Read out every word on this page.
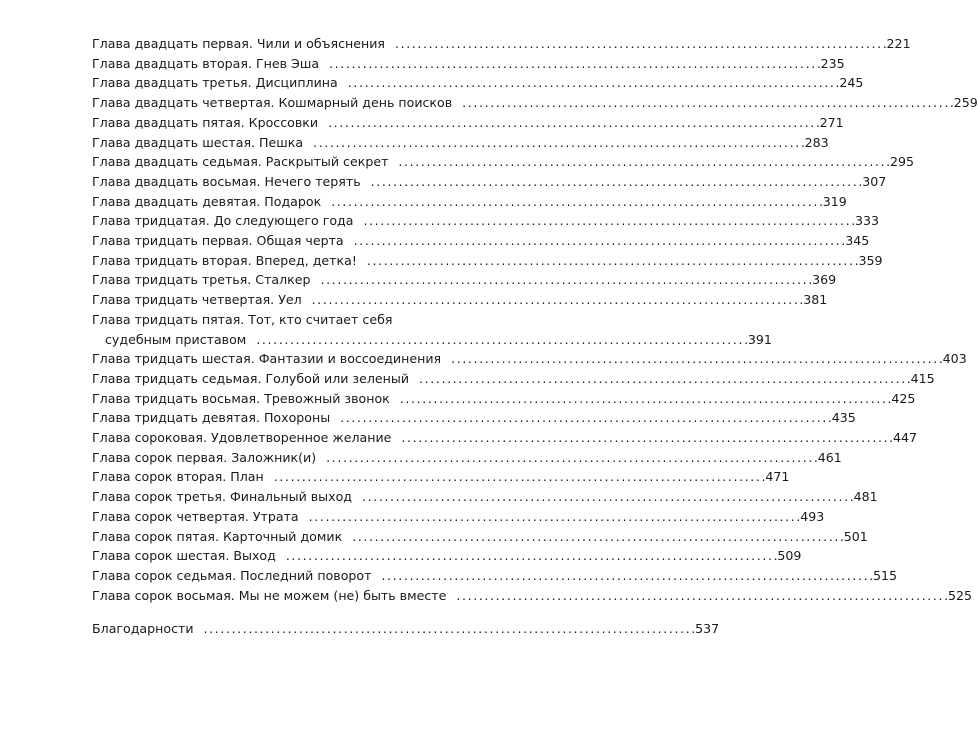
Глава двадцать первая. Чили и объяснения . . .	221
Глава двадцать вторая. Гнев Эша . . .	235
Глава двадцать третья. Дисциплина . . .	245
Глава двадцать четвертая. Кошмарный день поисков . . .	259
Глава двадцать пятая. Кроссовки . . .	271
Глава двадцать шестая. Пешка . . .	283
Глава двадцать седьмая. Раскрытый секрет . . .	295
Глава двадцать восьмая. Нечего терять . . .	307
Глава двадцать девятая. Подарок . . .	319
Глава тридцатая. До следующего года . . .	333
Глава тридцать первая. Общая черта . . .	345
Глава тридцать вторая. Вперед, детка! . . .	359
Глава тридцать третья. Сталкер . . .	369
Глава тридцать четвертая. Уел . . .	381
Глава тридцать пятая. Тот, кто считает себя
судебным приставом . . .	391
Глава тридцать шестая. Фантазии и воссоединения . . .	403
Глава тридцать седьмая. Голубой или зеленый . . .	415
Глава тридцать восьмая. Тревожный звонок . . .	425
Глава тридцать девятая. Похороны . . .	435
Глава сороковая. Удовлетворенное желание . . .	447
Глава сорок первая. Заложник(и) . . .	461
Глава сорок вторая. План . . .	471
Глава сорок третья. Финальный выход . . .	481
Глава сорок четвертая. Утрата . . .	493
Глава сорок пятая. Карточный домик . . .	501
Глава сорок шестая. Выход . . .	509
Глава сорок седьмая. Последний поворот . . .	515
Глава сорок восьмая. Мы не можем (не) быть вместе . . .	525
Благодарности . . .	537
